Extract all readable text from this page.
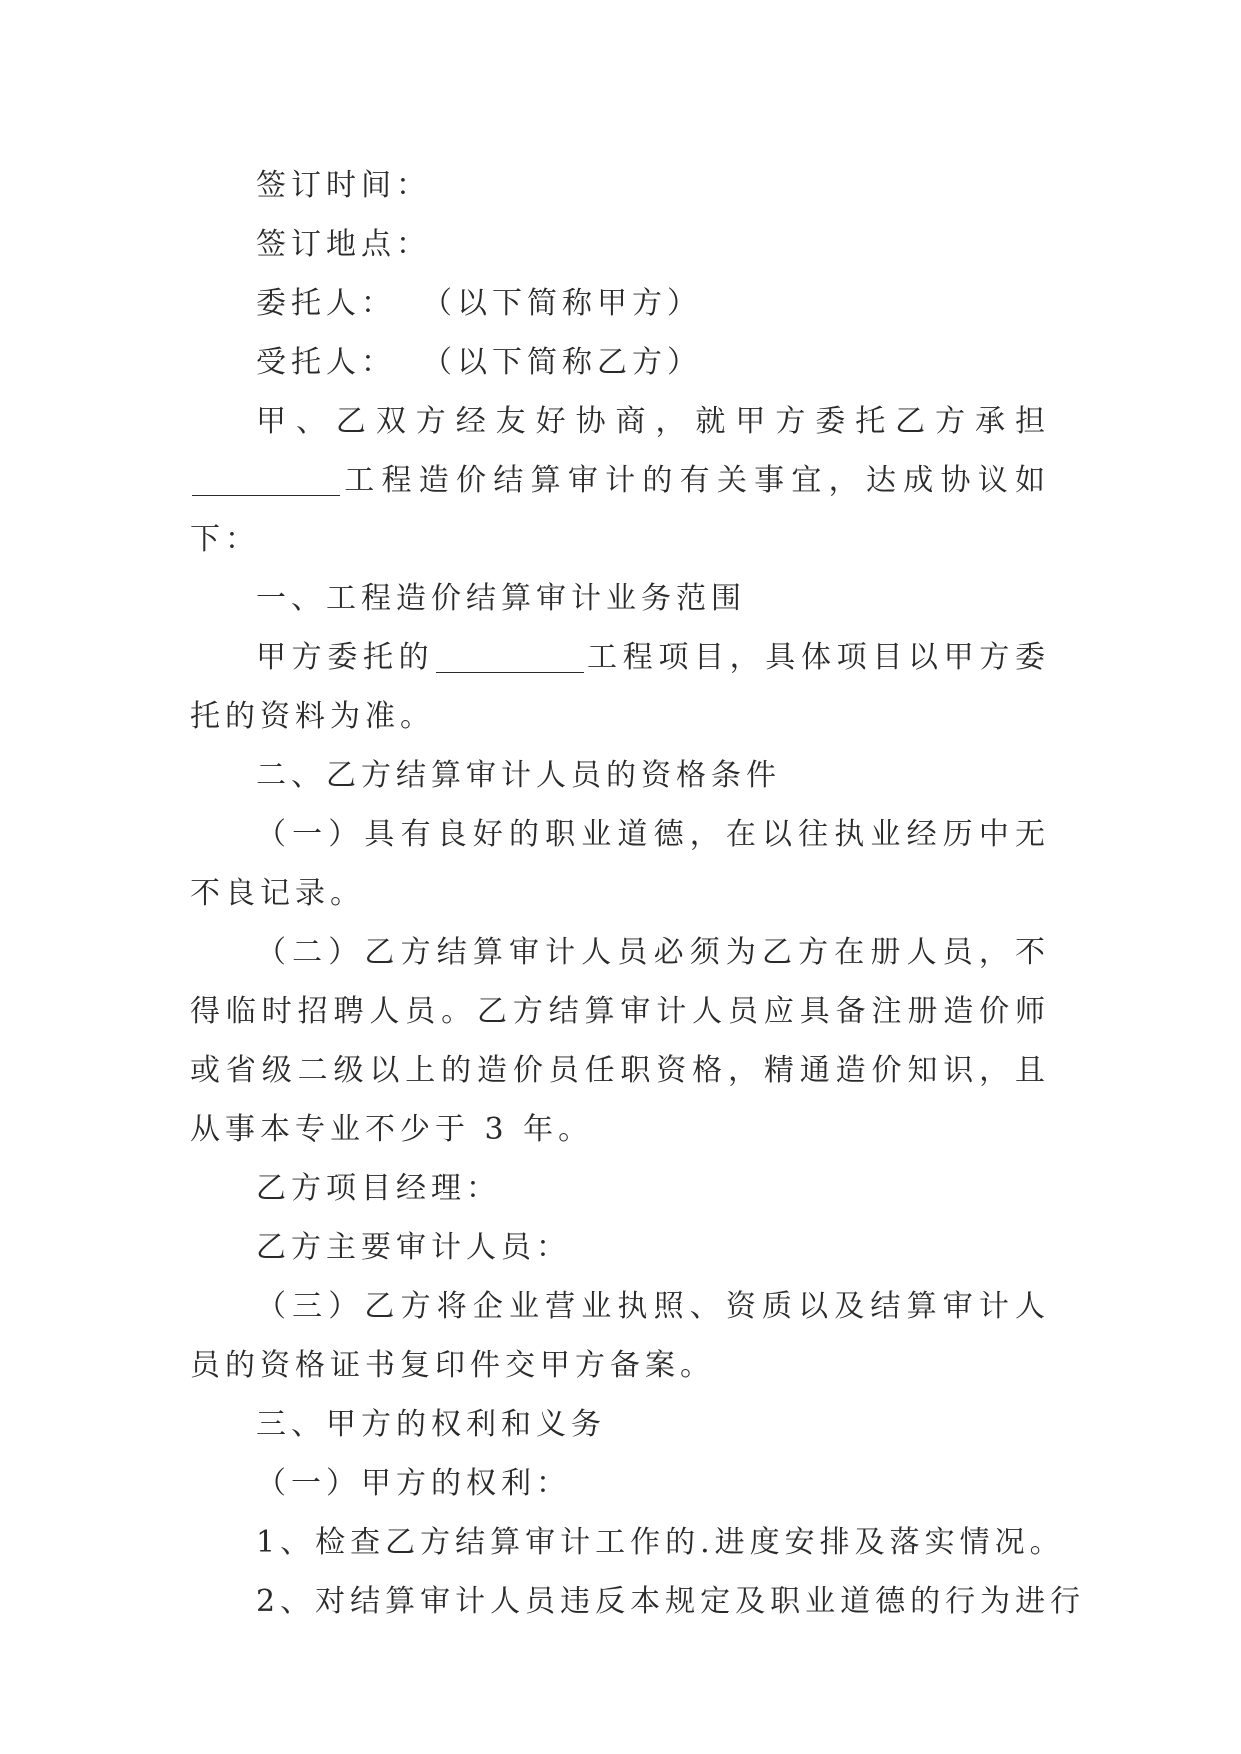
签订时间：

签订地点：

委托人： （以下简称甲方）

受托人： （以下简称乙方）

甲、乙双方经友好协商，就甲方委托乙方承担工程造价结算审计的有关事宜，达成协议如下：

一、工程造价结算审计业务范围

甲方委托的	工程项目，具体项目以甲方委托的资料为准。

二、乙方结算审计人员的资格条件

（一）具有良好的职业道德，在以往执业经历中无不良记录。

（二）乙方结算审计人员必须为乙方在册人员，不得临时招聘人员。乙方结算审计人员应具备注册造价师或省级二级以上的造价员任职资格，精通造价知识，且从事本专业不少于 3 年。

乙方项目经理：

乙方主要审计人员：

（三）乙方将企业营业执照、资质以及结算审计人员的资格证书复印件交甲方备案。

三、甲方的权利和义务

（一）甲方的权利：

1、检查乙方结算审计工作的.进度安排及落实情况。

2、对结算审计人员违反本规定及职业道德的行为进行
